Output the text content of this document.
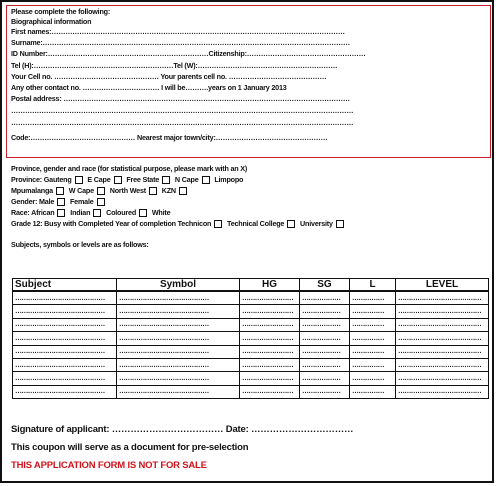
Please complete the following:
Biographical information
First names:………………………………………………………………………………………………………………
Surname:……………………………………………………………………………………………………………………
ID Number:……………………………………………………………Citizenship:……………………………………………
Tel (H):……………………………………………………Tel (W):……………………………………………………
Your Cell no. ……………………………………… Your parents cell no. ……………………………………
Any other contact no. …………………………… I will be……….years on 1 January 2013
Postal address: ……………………………………………………………………………………………………………
…………………………………………………………………………………………………………………………………
…………………………………………………………………………………………………………………………………
Code:……………………………………… Nearest major town/city:…………………………………………
Province, gender and race (for statistical purpose, please mark with an X)
Province: Gauteng E Cape Free State N Cape Limpopo
Mpumalanga W Cape North West KZN
Gender: Male Female
Race: African Indian Coloured White
Grade 12: Busy with Completed Year of completion Technicon Technical College University
Subjects, symbols or levels are as follows:
Subject	Symbol	HG	SG	L	LEVEL
……………………………………	……………………………………	……………………	………………	……………	…………………………………
……………………………………	……………………………………	……………………	………………	……………	…………………………………
……………………………………	……………………………………	……………………	………………	……………	…………………………………
……………………………………	……………………………………	……………………	………………	……………	…………………………………
……………………………………	……………………………………	……………………	………………	……………	…………………………………
……………………………………	……………………………………	……………………	………………	……………	…………………………………
……………………………………	……………………………………	……………………	………………	……………	…………………………………
……………………………………	……………………………………	……………………	………………	……………	…………………………………
Signature of applicant: ……………………………… Date: ……………………………
This coupon will serve as a document for pre-selection
THIS APPLICATION FORM IS NOT FOR SALE
